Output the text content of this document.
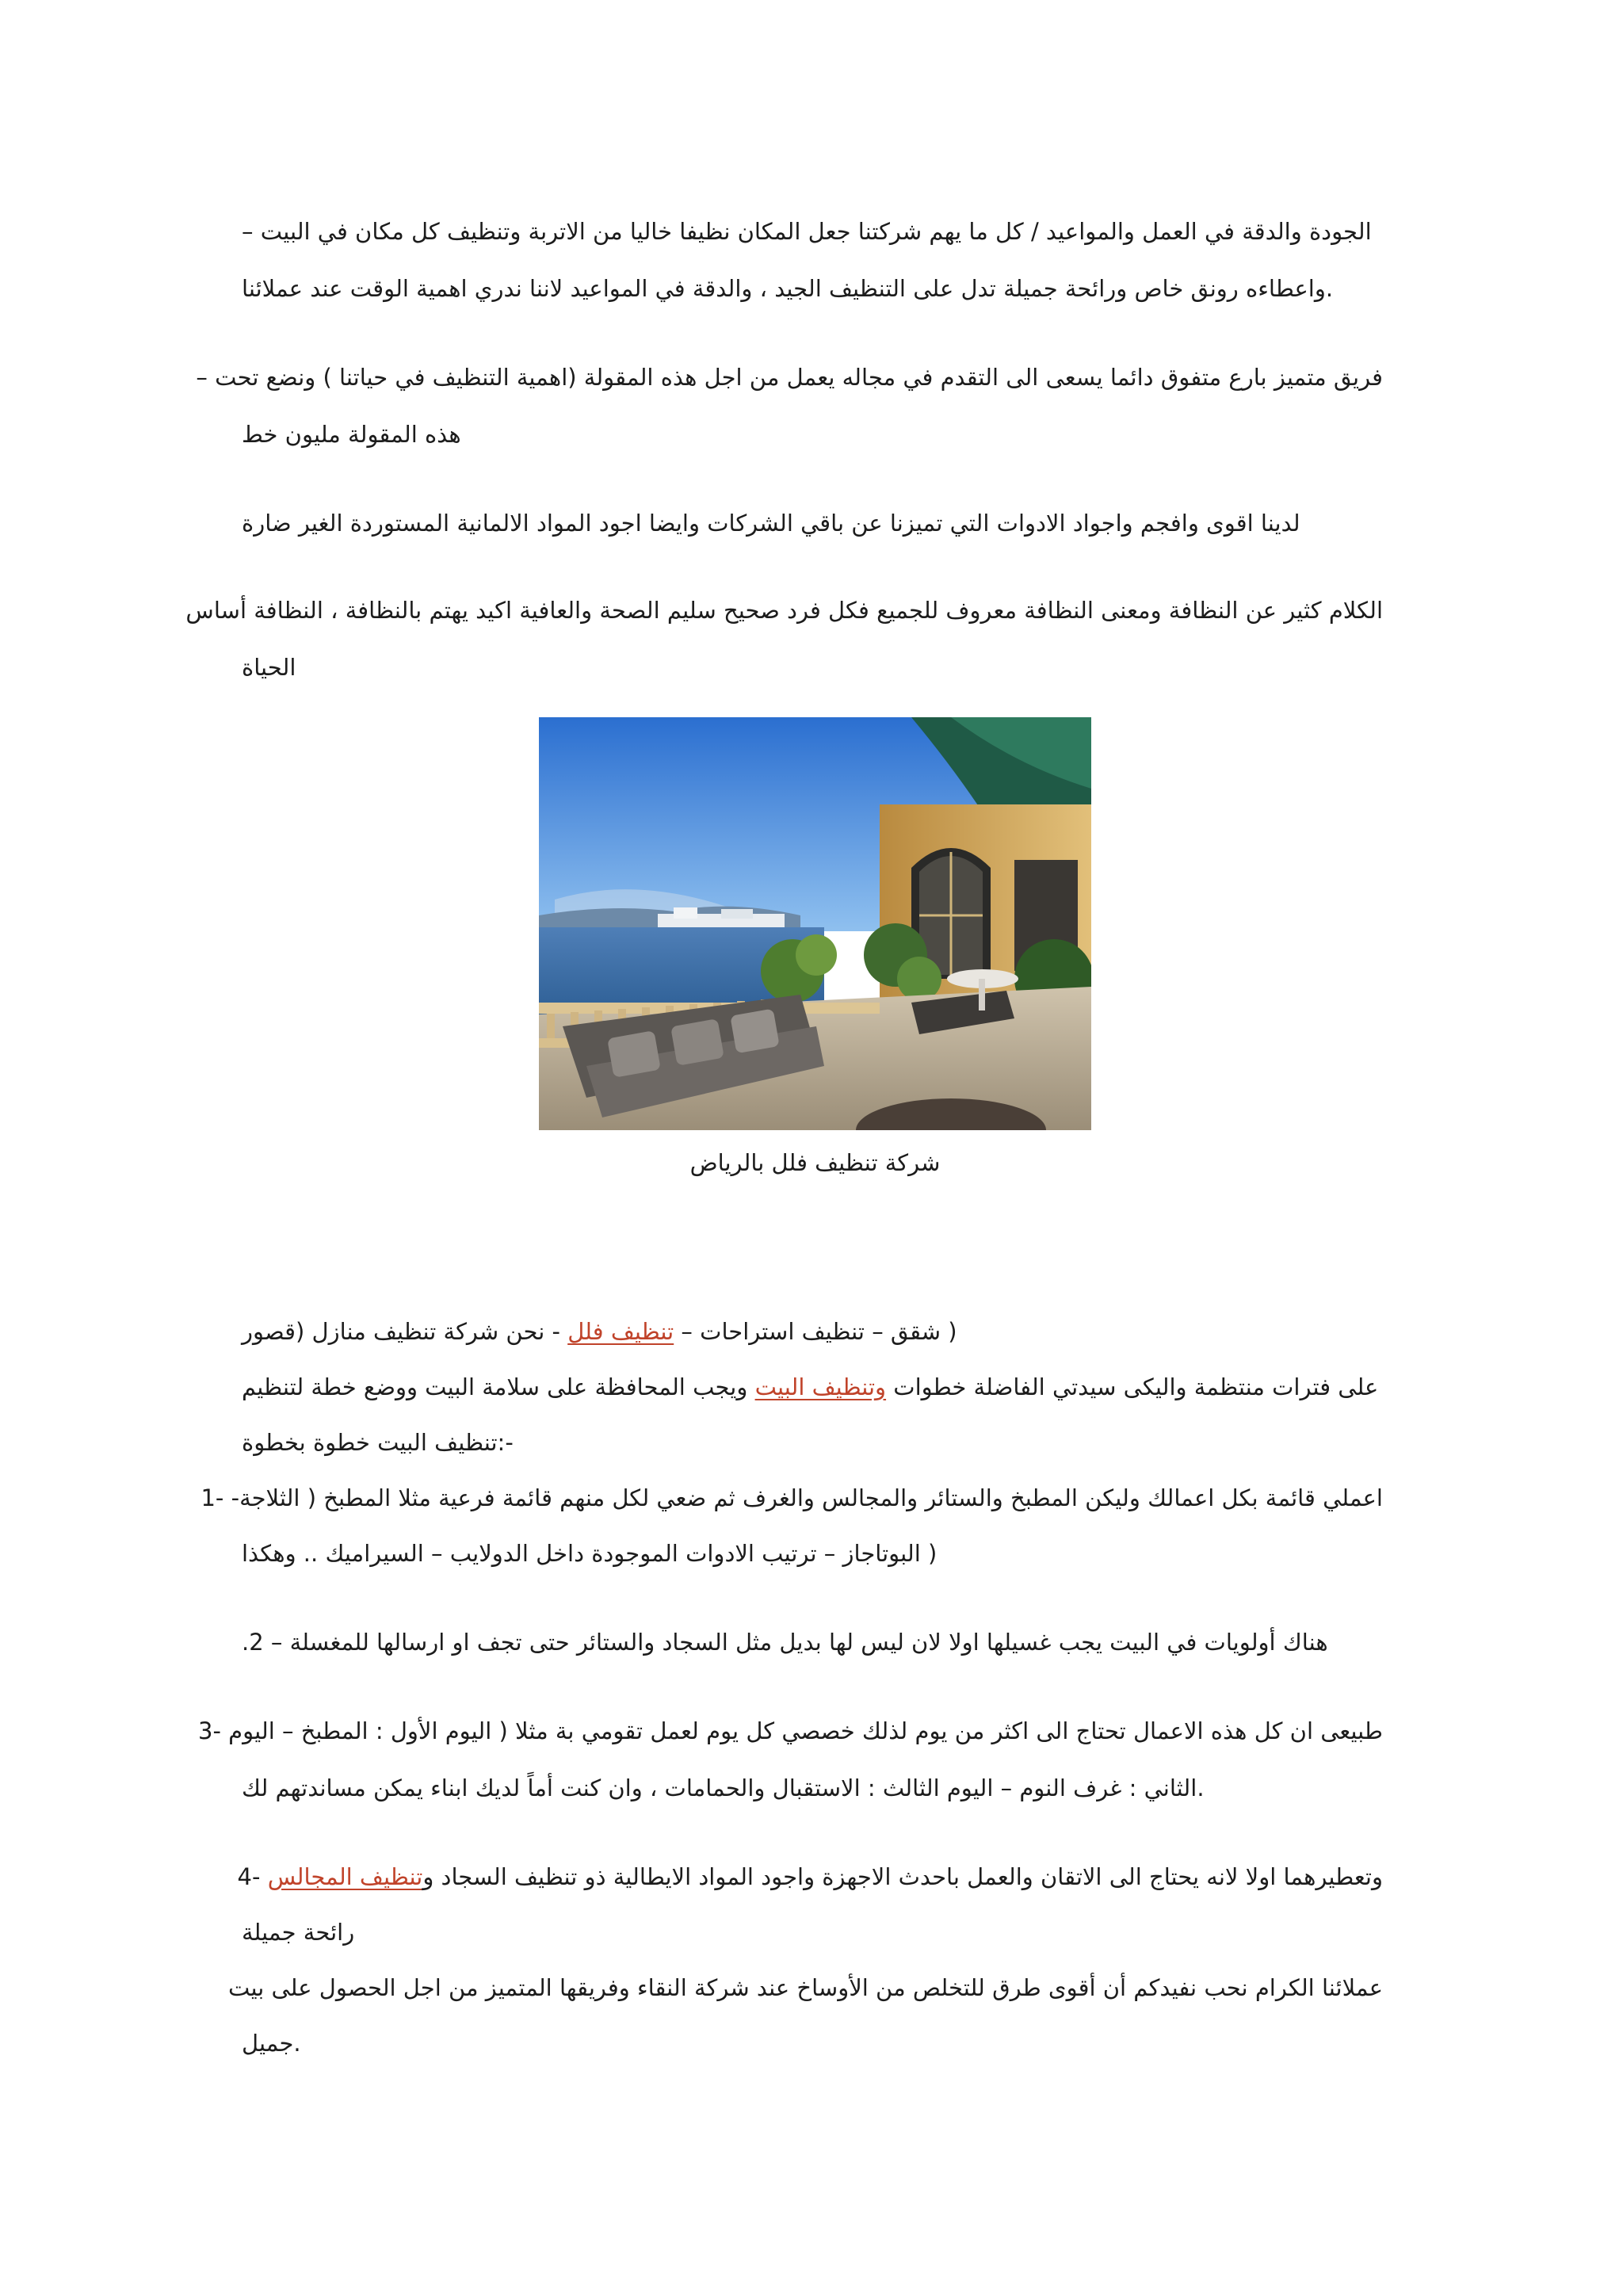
الجودة والدقة في العمل والمواعيد / كل ما يهم شركتنا جعل المكان نظيفا خاليا من الاتربة وتنظيف كل مكان في البيت –
.واعطاءه رونق خاص ورائحة جميلة تدل على التنظيف الجيد ، والدقة في المواعيد لاننا ندري اهمية الوقت عند عملائنا
فريق متميز بارع متفوق دائما يسعى الى التقدم في مجاله يعمل من اجل هذه المقولة (اهمية التنظيف في حياتنا ) ونضع تحت –
هذه المقولة مليون خط
لدينا اقوى وافجم واجواد الادوات التي تميزنا عن باقي الشركات وايضا اجود المواد الالمانية المستوردة الغير ضارة
الكلام كثير عن النظافة ومعنى النظافة معروف للجميع فكل فرد صحيح سليم الصحة والعافية اكيد يهتم بالنظافة ، النظافة أساس
الحياة
شركة تنظيف فلل بالرياض
( شقق – تنظيف استراحات – تنظيف فلل - نحن شركة تنظيف منازل (قصور
على فترات منتظمة واليكى سيدتي الفاضلة خطوات وتنظيف البيت ويجب المحافظة على سلامة البيت ووضع خطة لتنظيم
-:تنظيف البيت خطوة بخطوة
اعملي قائمة بكل اعمالك وليكن المطبخ والستائر والمجالس والغرف ثم ضعي لكل منهم قائمة فرعية مثلا المطبخ ( الثلاجة- -1
( البوتاجاز – ترتيب الادوات الموجودة داخل الدولايب – السيراميك .. وهكذا
هناك أولويات في البيت يجب غسيلها اولا لان ليس لها بديل مثل السجاد والستائر حتى تجف او ارسالها للمغسلة – 2.
طبيعى ان كل هذه الاعمال تحتاج الى اكثر من يوم لذلك خصصي كل يوم لعمل تقومي بة مثلا ( اليوم الأول : المطبخ – اليوم -3
.الثاني : غرف النوم – اليوم الثالث : الاستقبال والحمامات ، وان كنت أماً لديك ابناء يمكن مساندتهم لك
وتعطيرهما اولا لانه يحتاج الى الاتقان والعمل باحدث الاجهزة واجود المواد الايطالية ذو تنظيف السجاد وتنظيف المجالس -4
رائحة جميلة
عملائنا الكرام نحب نفيدكم أن أقوى طرق للتخلص من الأوساخ عند شركة النقاء وفريقها المتميز من اجل الحصول على بيت
.جميل
